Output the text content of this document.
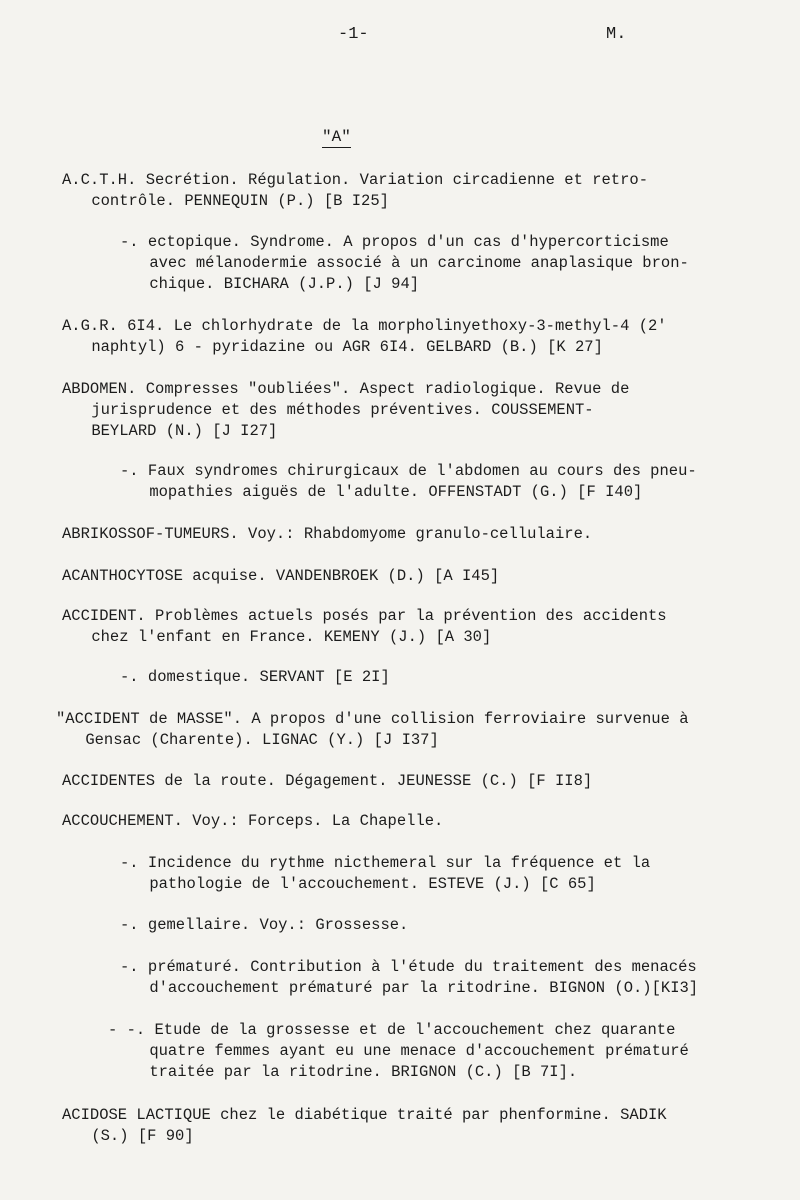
-1-	M.
"A"

A.C.T.H. Secrétion. Régulation. Variation circadienne et retro-
contrôle. PENNEQUIN (P.) [B I25]

-. ectopique. Syndrome. A propos d'un cas d'hypercorticisme
avec mélanodermie associé à un carcinome anaplasique bron-
chique. BICHARA (J.P.) [J 94]

A.G.R. 6I4. Le chlorhydrate de la morpholinyethoxy-3-methyl-4 (2'
naphtyl) 6 - pyridazine ou AGR 6I4. GELBARD (B.) [K 27]

ABDOMEN. Compresses "oubliées". Aspect radiologique. Revue de
jurisprudence et des méthodes préventives. COUSSEMENT-
BEYLARD (N.) [J I27]

-. Faux syndromes chirurgicaux de l'abdomen au cours des pneu-
mopathies aiguës de l'adulte. OFFENSTADT (G.) [F I40]

ABRIKOSSOF-TUMEURS. Voy.: Rhabdomyome granulo-cellulaire.

ACANTHOCYTOSE acquise. VANDENBROEK (D.) [A I45]

ACCIDENT. Problèmes actuels posés par la prévention des accidents
chez l'enfant en France. KEMENY (J.) [A 30]

-. domestique. SERVANT [E 2I]

"ACCIDENT de MASSE". A propos d'une collision ferroviaire survenue à
Gensac (Charente). LIGNAC (Y.) [J I37]

ACCIDENTES de la route. Dégagement. JEUNESSE (C.) [F II8]

ACCOUCHEMENT. Voy.: Forceps. La Chapelle.

-. Incidence du rythme nicthemeral sur la fréquence et la
pathologie de l'accouchement. ESTEVE (J.) [C 65]

-. gemellaire. Voy.: Grossesse.

-. prématuré. Contribution à l'étude du traitement des menacés
d'accouchement prématuré par la ritodrine. BIGNON (O.)[KI3]

- -. Etude de la grossesse et de l'accouchement chez quarante
quatre femmes ayant eu une menace d'accouchement prématuré
traitée par la ritodrine. BRIGNON (C.) [B 7I].

ACIDOSE LACTIQUE chez le diabétique traité par phenformine. SADIK
(S.) [F 90]
